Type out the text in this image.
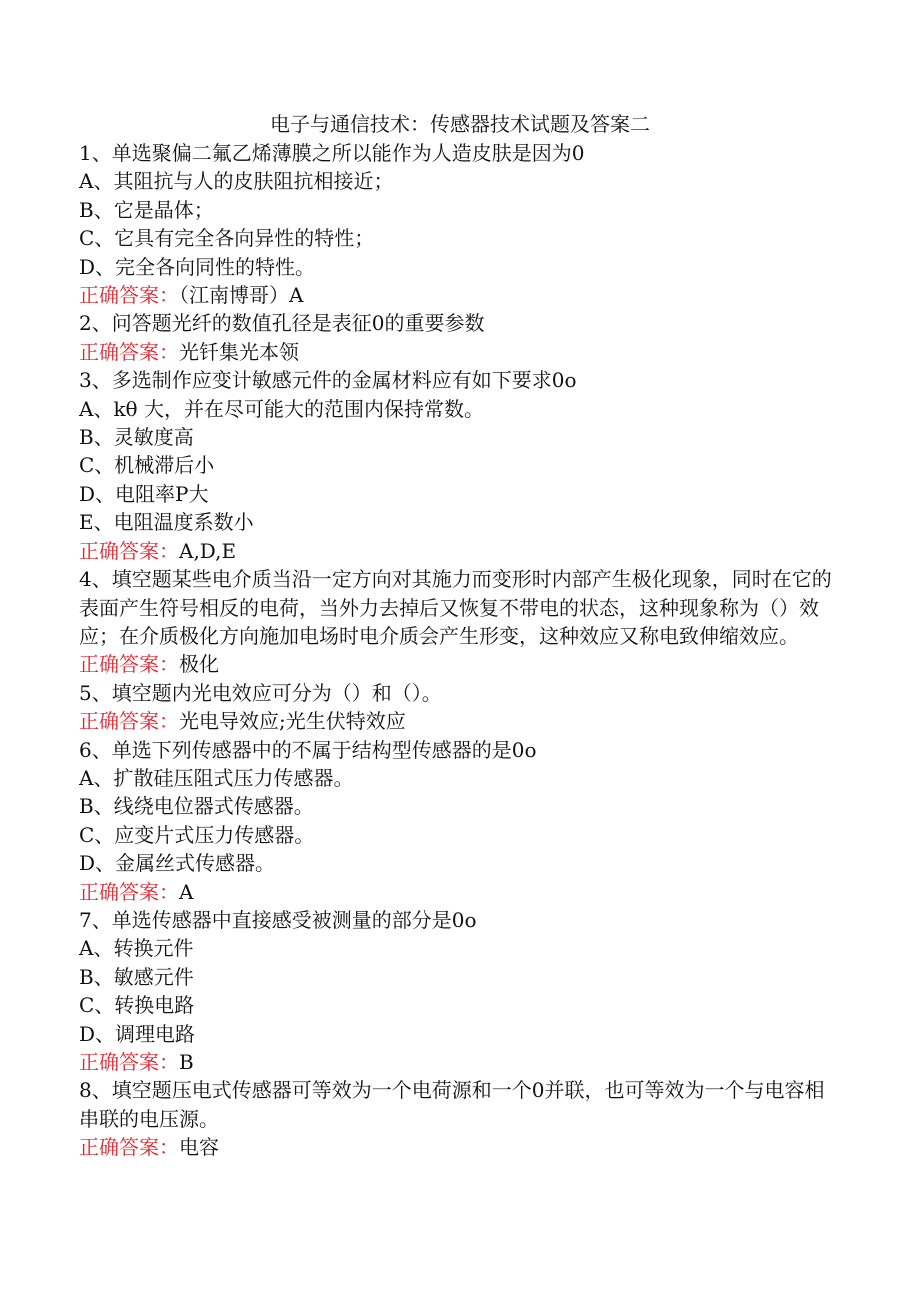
电子与通信技术：传感器技术试题及答案二
1、单选聚偏二氟乙烯薄膜之所以能作为人造皮肤是因为0
A、其阻抗与人的皮肤阻抗相接近；
B、它是晶体；
C、它具有完全各向异性的特性；
D、完全各向同性的特性。
正确答案：（江南博哥）A
2、问答题光纤的数值孔径是表征0的重要参数
正确答案：光钎集光本领
3、多选制作应变计敏感元件的金属材料应有如下要求0o
A、kθ 大，并在尽可能大的范围内保持常数。
B、灵敏度高
C、机械滞后小
D、电阻率P大
E、电阻温度系数小
正确答案：A,D,E
4、填空题某些电介质当沿一定方向对其施力而变形时内部产生极化现象，同时在它的表面产生符号相反的电荷，当外力去掉后又恢复不带电的状态，这种现象称为（）效应；在介质极化方向施加电场时电介质会产生形变，这种效应又称电致伸缩效应。
正确答案：极化
5、填空题内光电效应可分为（）和（）。
正确答案：光电导效应;光生伏特效应
6、单选下列传感器中的不属于结构型传感器的是0o
A、扩散硅压阻式压力传感器。
B、线绕电位器式传感器。
C、应变片式压力传感器。
D、金属丝式传感器。
正确答案：A
7、单选传感器中直接感受被测量的部分是0o
A、转换元件
B、敏感元件
C、转换电路
D、调理电路
正确答案：B
8、填空题压电式传感器可等效为一个电荷源和一个0并联，也可等效为一个与电容相串联的电压源。
正确答案：电容
